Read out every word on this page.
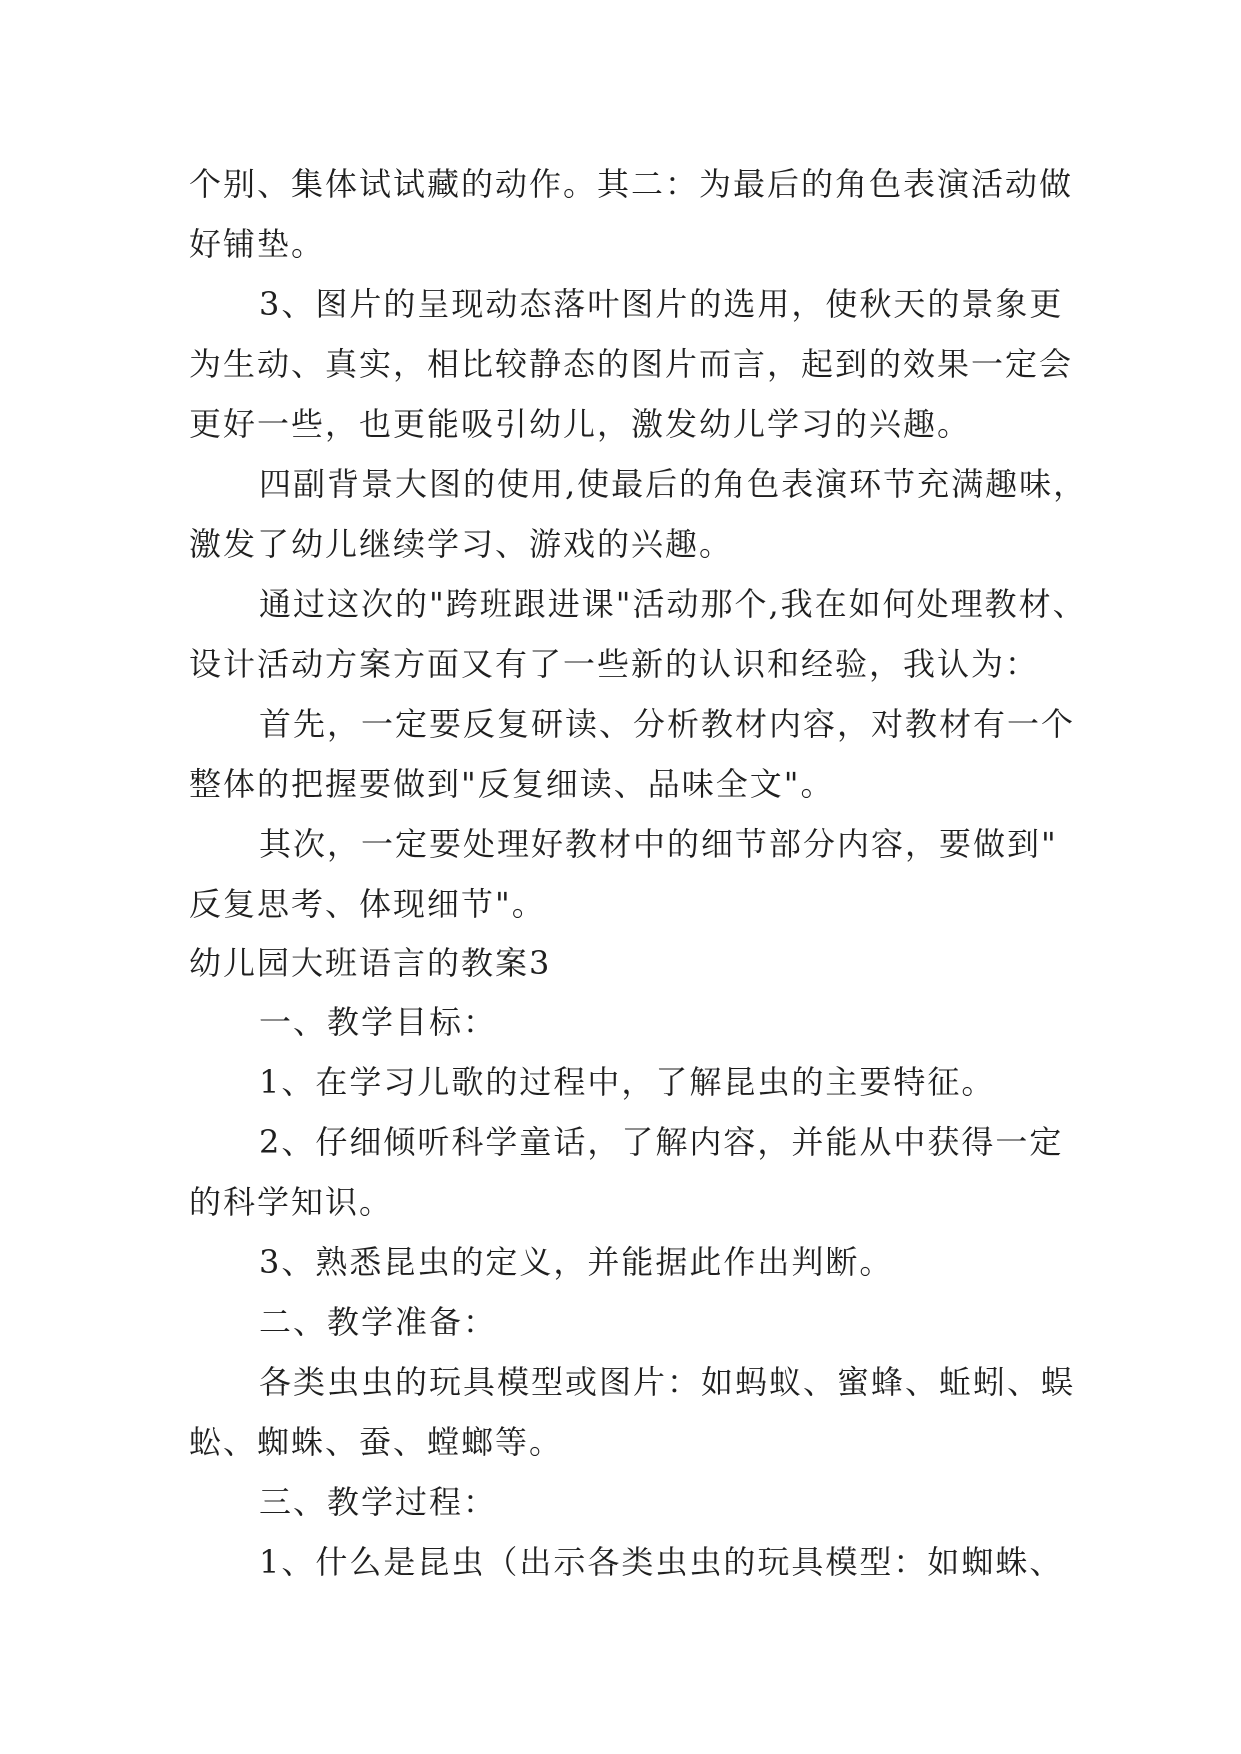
个别、集体试试藏的动作。其二：为最后的角色表演活动做
好铺垫。
3、图片的呈现动态落叶图片的选用，使秋天的景象更
为生动、真实，相比较静态的图片而言，起到的效果一定会
更好一些，也更能吸引幼儿，激发幼儿学习的兴趣。
四副背景大图的使用,使最后的角色表演环节充满趣味，
激发了幼儿继续学习、游戏的兴趣。
通过这次的"跨班跟进课"活动那个,我在如何处理教材、
设计活动方案方面又有了一些新的认识和经验，我认为：
首先，一定要反复研读、分析教材内容，对教材有一个
整体的把握要做到"反复细读、品味全文"。
其次，一定要处理好教材中的细节部分内容，要做到"
反复思考、体现细节"。
幼儿园大班语言的教案3
一、教学目标：
1、在学习儿歌的过程中，了解昆虫的主要特征。
2、仔细倾听科学童话，了解内容，并能从中获得一定
的科学知识。
3、熟悉昆虫的定义，并能据此作出判断。
二、教学准备：
各类虫虫的玩具模型或图片：如蚂蚁、蜜蜂、蚯蚓、蜈
蚣、蜘蛛、蚕、螳螂等。
三、教学过程：
1、什么是昆虫（出示各类虫虫的玩具模型：如蜘蛛、
